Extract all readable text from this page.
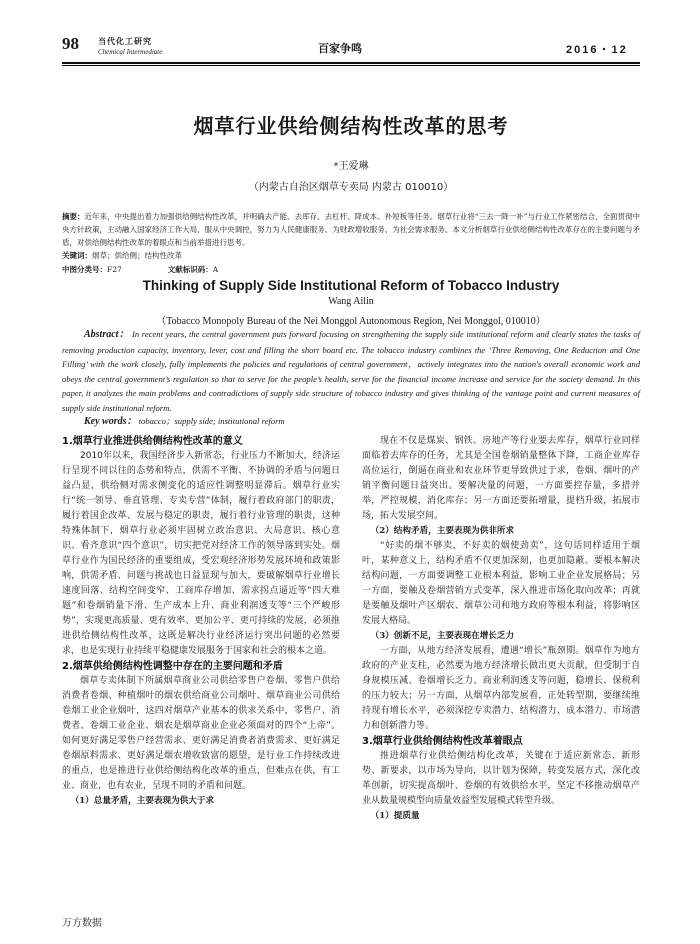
98 当代化工研究
Chemical Intermediate	百家争鸣	2016・12
烟草行业供给侧结构性改革的思考
*王爱琳
（内蒙古自治区烟草专卖局 内蒙古 010010）

摘要：近年来，中央提出着力加强供给侧结构性改革，并明确去产能、去库存、去杠杆、降成本、补短板等任务。烟草行业将“三去一降一补”与行业工作紧密结合，全面贯彻中央方针政策，主动融入国家经济工作大局，服从中央调控，努力为人民健康服务、为财政增收服务、为社会需求服务。本文分析烟草行业供给侧结构性改革存在的主要问题与矛盾，对供给侧结构性改革的着眼点和当前举措进行思考。

关键词：烟草；供给侧；结构性改革
中图分类号：F27	文献标识码：A
Thinking of Supply Side Institutional Reform of Tobacco Industry
Wang Ailin
（Tobacco Monopoly Bureau of the Nei Monggol Autonomous Region, Nei Monggol, 010010）

Abstract： In recent years, the central government puts forward focusing on strengthening the supply side institutional reform and clearly states the tasks of removing production capacity, inventory, lever, cost and filling the short board etc. The tobacco industry combines the ‘Three Removing, One Reduction and One Filling’ with the work closely, fully implements the policies and regulations of central government，actively integrates into the nation's overall economic work and obeys the central government’s regulation so that to serve for the people’s health, serve for the financial income increase and service for the society demand. In this paper, it analyzes the main problems and contradictions of supply side structure of tobacco industry and gives thinking of the vantage point and current measures of supply side institutional reform.

Key words： tobacco；supply side; institutional reform
1.烟草行业推进供给侧结构性改革的意义

2010年以来，我国经济步入新常态，行业压力不断加大，经济运行呈现不同以往的态势和特点，供需不平衡、不协调的矛盾与问题日益凸显，供给侧对需求侧变化的适应性调整明显滞后。烟草行业实行“统一领导、垂直管理、专卖专营”体制，履行着政府部门的职责，履行着国企改革、发展与稳定的职责，履行着行业管理的职责，这种特殊体制下，烟草行业必须牢固树立政治意识、大局意识、核心意识、看齐意识“四个意识”，切实把党对经济工作的领导落到实处。烟草行业作为国民经济的重要组成，受宏观经济形势发展环境和政策影响，供需矛盾、问题与挑战也日益显现与加大，要破解烟草行业增长速度回落、结构空间变窄、工商库存增加、需求拐点逼近等“四大难题”和卷烟销量下滑、生产成本上升、商业利润透支等“三个严峻形势”，实现更高质量、更有效率、更加公平、更可持续的发展，必须推进供给侧结构性改革，这既是解决行业经济运行突出问题的必然要求，也是实现行业持续平稳健康发展服务于国家和社会的根本之道。

2.烟草供给侧结构性调整中存在的主要问题和矛盾

烟草专卖体制下所属烟草商业公司供给零售户卷烟、零售户供给消费者卷烟、种植烟叶的烟农供给商业公司烟叶、烟草商业公司供给卷烟工业企业烟叶，这四对烟草产业基本的供求关系中，零售户、消费者、卷烟工业企业、烟农是烟草商业企业必须面对的四个“上帝”。如何更好满足零售户经营需求、更好满足消费者消费需求、更好满足卷烟原料需求、更好满足烟农增收致富的愿望，是行业工作持续改进的重点，也是推进行业供给侧结构化改革的重点，但难点在供，有工业、商业，也有农业，呈现不同的矛盾和问题。

（1）总量矛盾，主要表现为供大于求

现在不仅是煤炭、钢铁、房地产等行业要去库存，烟草行业同样面临着去库存的任务，尤其是全国卷烟销量整体下降，工商企业库存高位运行，倒逼在商业和农业环节更导致供过于求，卷烟、烟叶的产销平衡问题日益突出。要解决量的问题，一方面要控存量，多措并举，严控规模，消化库存；另一方面还要拓增量，提档升级，拓展市场，拓大发展空间。

（2）结构矛盾，主要表现为供非所求

“好卖的烟不够卖，不好卖的烟使劲卖”，这句话同样适用于烟叶，某种意义上，结构矛盾不仅更加深刻，也更加隐蔽。要根本解决结构问题，一方面要调整工业根本利益，影响工业企业发展格局；另一方面，要触及卷烟营销方式变革，深入推进市场化取向改革；再就是要触及烟叶产区烟农、烟草公司和地方政府等根本利益，将影响区发展大格局。

（3）创新不足，主要表现在增长乏力

一方面，从地方经济发展看，遭遇“增长”瓶颈期。烟草作为地方政府的产业支柱，必然要为地方经济增长做出更大贡献，但受制于自身规模压减、卷烟增长乏力、商业利润透支等问题，稳增长、保税利的压力较大；另一方面，从烟草内部发展看，正处转型期，要继续维持现有增长水平，必须深挖专卖潜力、结构潜力、成本潜力、市场潜力和创新潜力等。

3.烟草行业供给侧结构性改革着眼点

推进烟草行业供给侧结构化改革，关键在于适应新常态、新形势、新要求，以市场为导向，以计划为保障，转变发展方式，深化改革创新，切实提高烟叶、卷烟的有效供给水平，坚定不移推动烟草产业从数量规模型向质量效益型发展模式转型升级。

（1）提质量
万方数据
